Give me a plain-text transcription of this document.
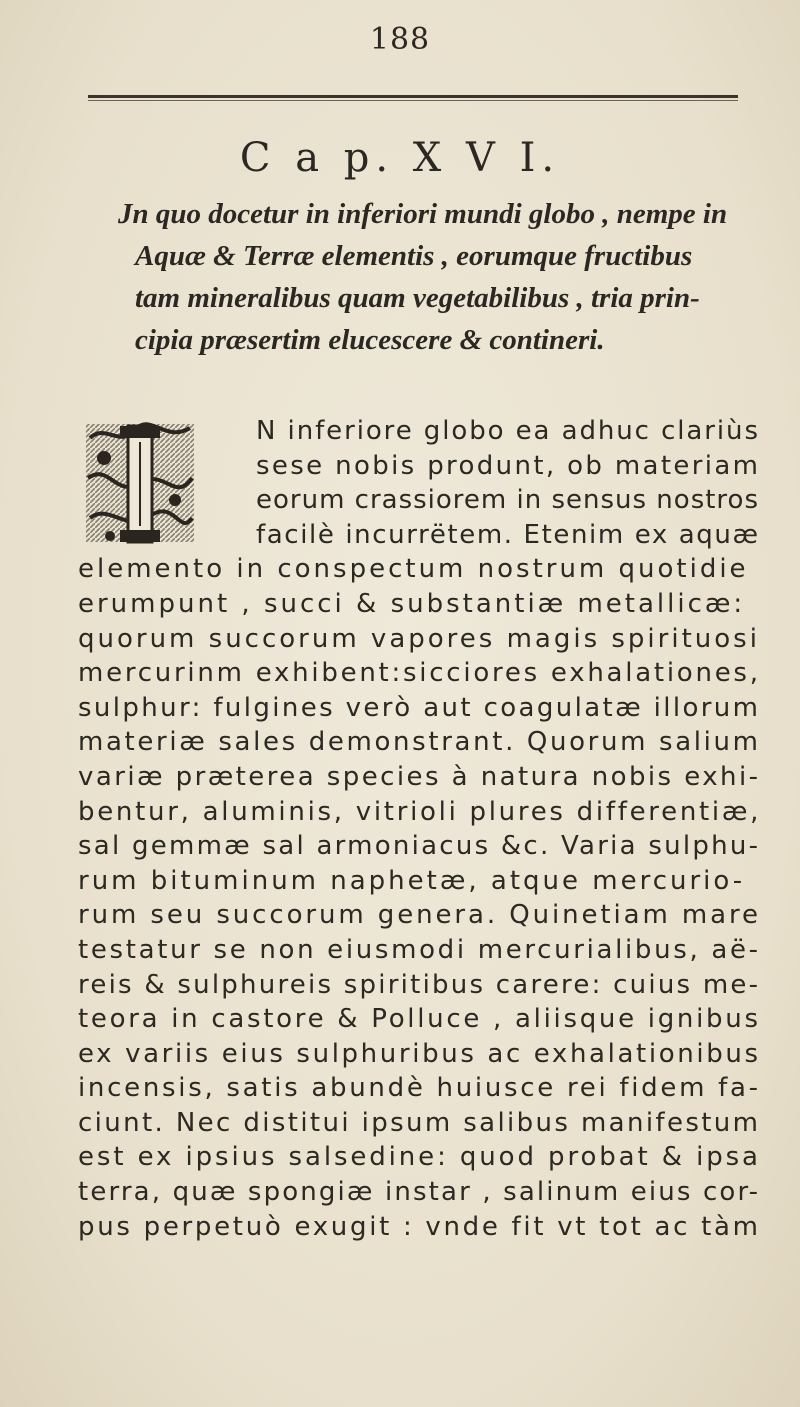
188
C a p. X V I.
Jn quo docetur in inferiori mundi globo , nempe in
Aquæ & Terræ elementis , eorumque fructibus
tam mineralibus quam vegetabilibus , tria prin-
cipia præsertim elucescere & contineri.
N inferiore globo ea adhuc clariùs
sese nobis produnt, ob materiam
eorum crassiorem in sensus nostros
facilè incurrëtem. Etenim ex aquæ
elemento in conspectum nostrum quotidie erumpunt , succi & substantiæ metallicæ: quorum succorum vapores magis spirituosi mercurinm exhibent:sicciores exhalationes, sulphur: fulgines verò aut coagulatæ illorum materiæ sales demonstrant. Quorum salium variæ præterea species à natura nobis exhi- bentur, aluminis, vitrioli plures differentiæ, sal gemmæ sal armoniacus &c. Varia sulphu- rum bituminum naphetæ, atque mercurio- rum seu succorum genera. Quinetiam mare testatur se non eiusmodi mercurialibus, aë- reis & sulphureis spiritibus carere: cuius me- teora in castore & Polluce , aliisque ignibus ex variis eius sulphuribus ac exhalationibus incensis, satis abundè huiusce rei fidem fa- ciunt. Nec distitui ipsum salibus manifestum est ex ipsius salsedine: quod probat & ipsa terra, quæ spongiæ instar , salinum eius cor- pus perpetuò exugit : vnde fit vt tot ac tàm
